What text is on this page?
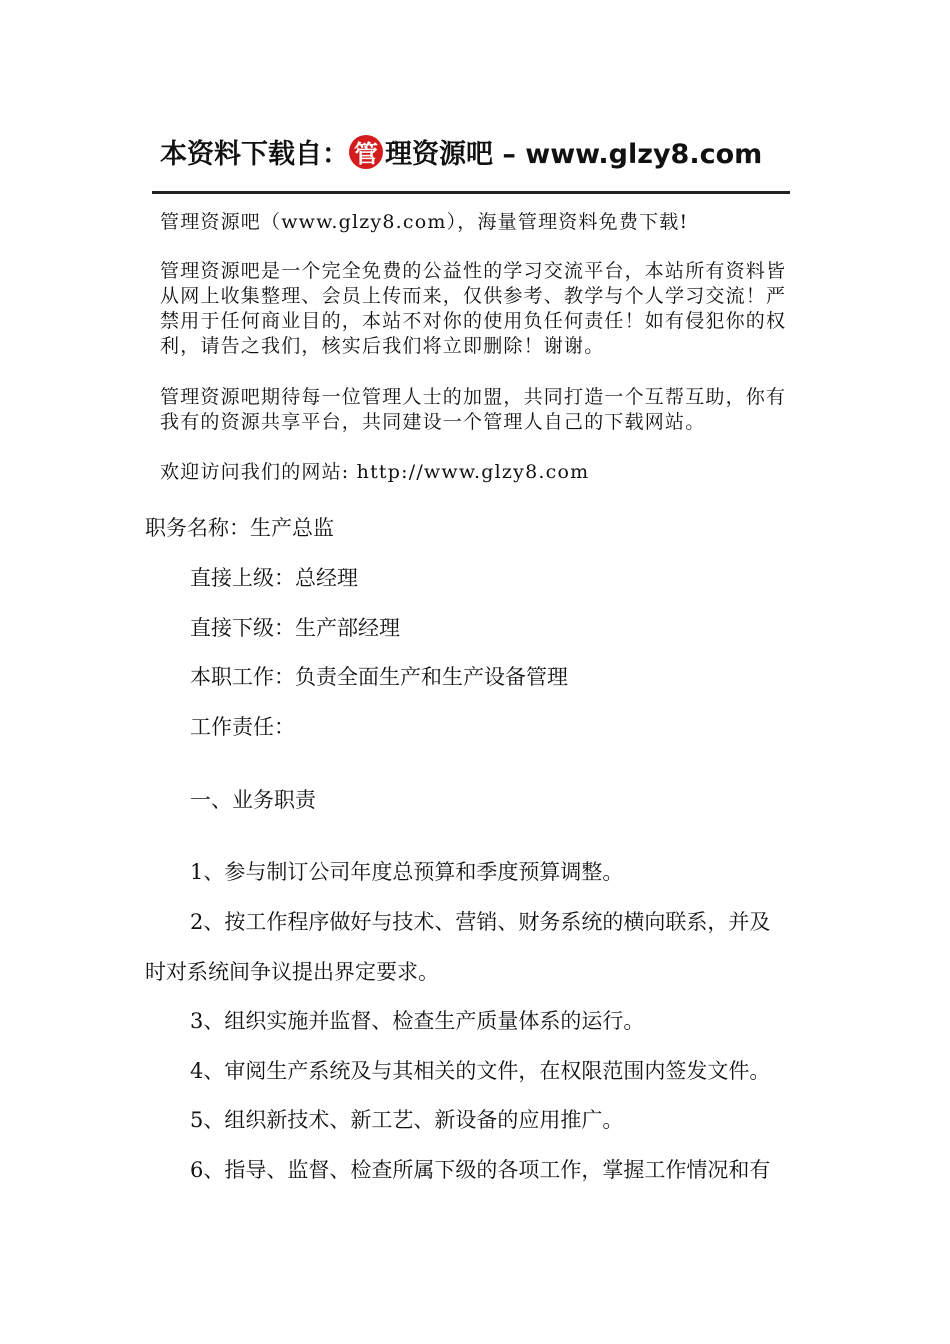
本资料下载自： 管 理资源吧 – www.glzy8.com
管理资源吧（www.glzy8.com），海量管理资料免费下载!
管理资源吧是一个完全免费的公益性的学习交流平台，本站所有资料皆从网上收集整理、会员上传而来，仅供参考、教学与个人学习交流！严禁用于任何商业目的，本站不对你的使用负任何责任！如有侵犯你的权利，请告之我们，核实后我们将立即删除！谢谢。
管理资源吧期待每一位管理人士的加盟，共同打造一个互帮互助，你有我有的资源共享平台，共同建设一个管理人自己的下载网站。
欢迎访问我们的网站: http://www.glzy8.com
职务名称：生产总监
直接上级：总经理
直接下级：生产部经理
本职工作：负责全面生产和生产设备管理
工作责任：
一、业务职责
1、参与制订公司年度总预算和季度预算调整。
2、按工作程序做好与技术、营销、财务系统的横向联系，并及
时对系统间争议提出界定要求。
3、组织实施并监督、检查生产质量体系的运行。
4、审阅生产系统及与其相关的文件，在权限范围内签发文件。
5、组织新技术、新工艺、新设备的应用推广。
6、指导、监督、检查所属下级的各项工作，掌握工作情况和有
